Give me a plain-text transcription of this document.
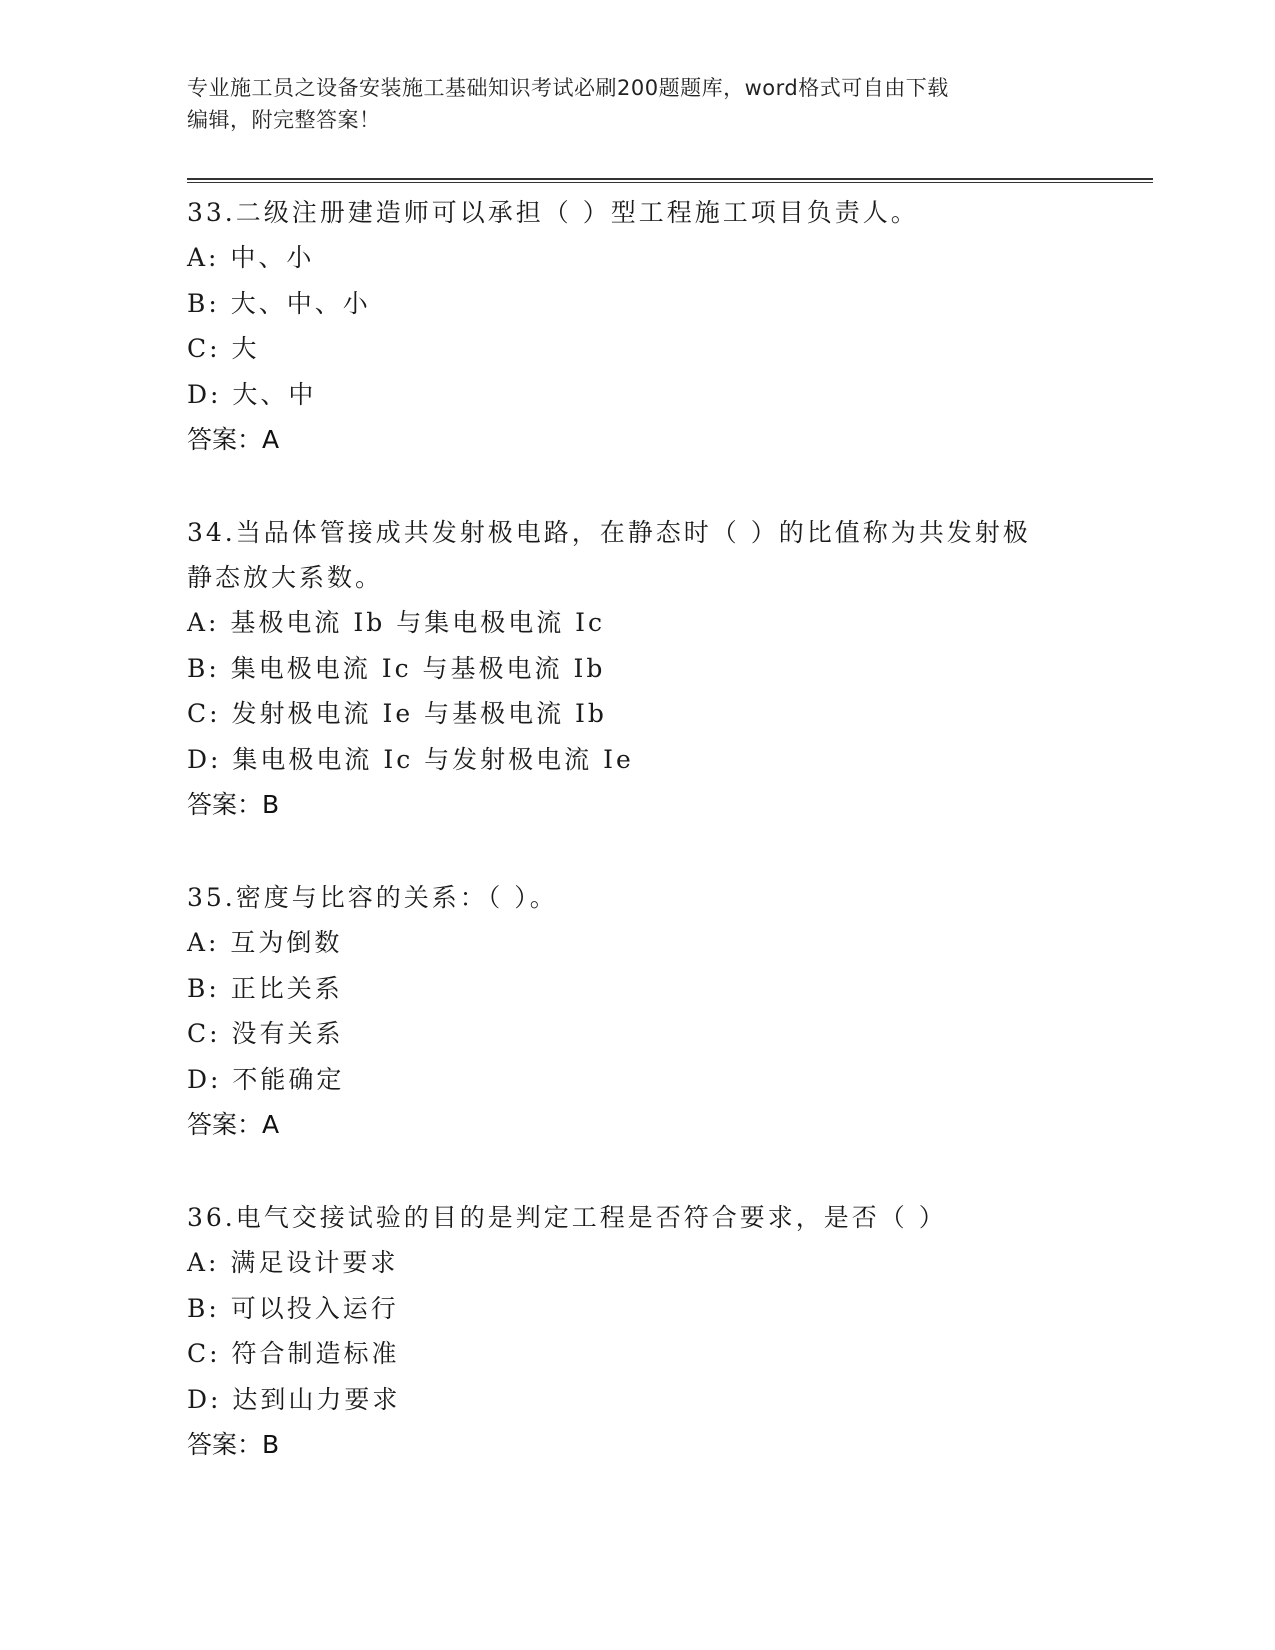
专业施工员之设备安装施工基础知识考试必刷200题题库，word格式可自由下载
编辑，附完整答案！
33.二级注册建造师可以承担（ ）型工程施工项目负责人。
A: 中、小
B: 大、中、小
C: 大
D: 大、中
答案：A
34.当品体管接成共发射极电路，在静态时（ ）的比值称为共发射极
静态放大系数。
A: 基极电流 Ib 与集电极电流 Ic
B: 集电极电流 Ic 与基极电流 Ib
C: 发射极电流 Ie 与基极电流 Ib
D: 集电极电流 Ic 与发射极电流 Ie
答案：B
35.密度与比容的关系：（ ）。
A: 互为倒数
B: 正比关系
C: 没有关系
D: 不能确定
答案：A
36.电气交接试验的目的是判定工程是否符合要求，是否（ ）
A: 满足设计要求
B: 可以投入运行
C: 符合制造标准
D: 达到山力要求
答案：B
